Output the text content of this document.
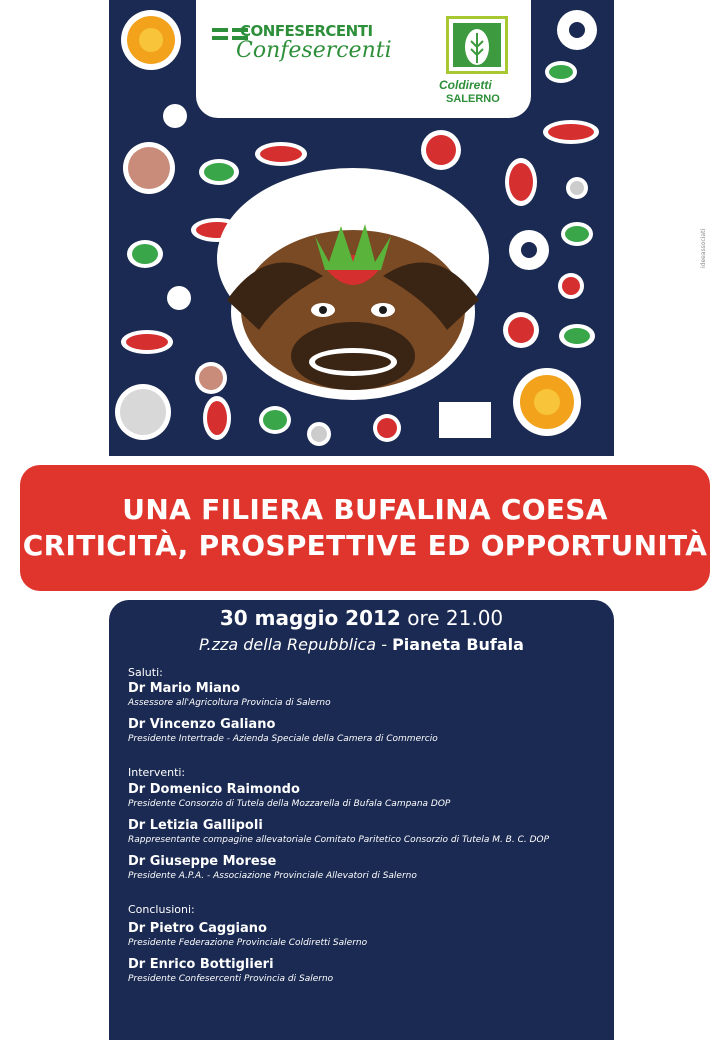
CONFESERCENTI
Confesercenti
Coldiretti
SALERNO
ideeassociati
UNA FILIERA BUFALINA COESA
CRITICITÀ, PROSPETTIVE ED OPPORTUNITÀ
30 maggio 2012 ore 21.00
P.zza della Repubblica - Pianeta Bufala
Saluti:
Dr Mario Miano
Assessore all'Agricoltura Provincia di Salerno
Dr Vincenzo Galiano
Presidente Intertrade - Azienda Speciale della Camera di Commercio
Interventi:
Dr Domenico Raimondo
Presidente Consorzio di Tutela della Mozzarella di Bufala Campana DOP
Dr Letizia Gallipoli
Rappresentante compagine allevatoriale Comitato Paritetico Consorzio di Tutela M. B. C. DOP
Dr Giuseppe Morese
Presidente A.P.A. - Associazione Provinciale Allevatori di Salerno
Conclusioni:
Dr Pietro Caggiano
Presidente Federazione Provinciale Coldiretti Salerno
Dr Enrico Bottiglieri
Presidente Confesercenti Provincia di Salerno
